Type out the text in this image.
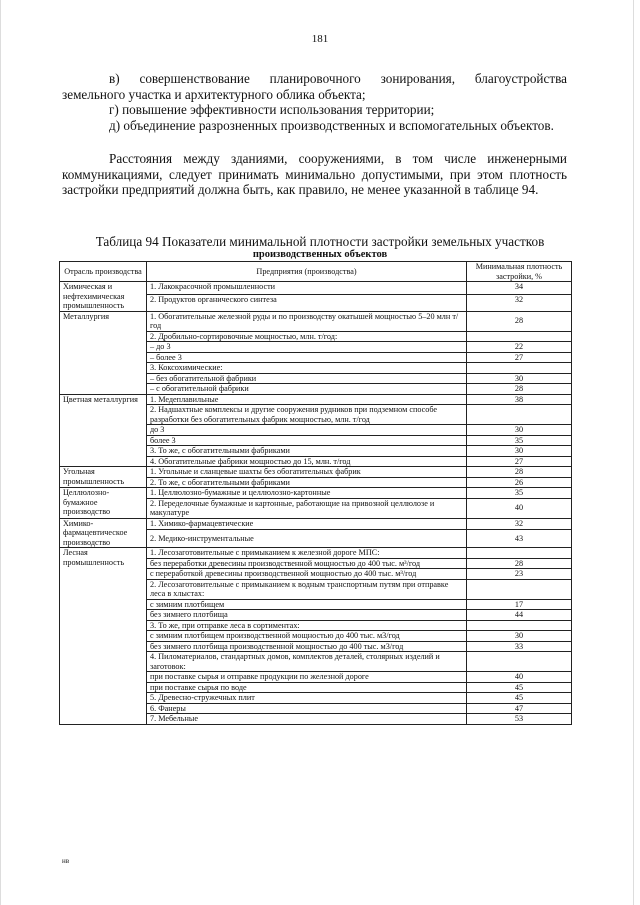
181

в) совершенствование планировочного зонирования, благоустройства земельного участка и архитектурного облика объекта;

г) повышение эффективности использования территории;

д) объединение разрозненных производственных и вспомогательных объектов.

Расстояния между зданиями, сооружениями, в том числе инженерными коммуникациями, следует принимать минимально допустимыми, при этом плотность застройки предприятий должна быть, как правило, не менее указанной в таблице 94.

Таблица 94 Показатели минимальной плотности застройки земельных участков
производственных объектов
Отрасль производства	Предприятия (производства)	Минимальная плотность застройки, %
Химическая и нефтехимическая промышленность	1. Лакокрасочной промышленности	34
	2. Продуктов органического синтеза	32
Металлургия	1. Обогатительные железной руды и по производству окатышей мощностью 5–20 млн т/год	28
	2. Дробильно-сортировочные мощностью, млн. т/год:	
	– до 3	22
	– более 3	27
	3. Коксохимические:	
	– без обогатительной фабрики	30
	– с обогатительной фабрики	28
Цветная металлургия	1. Медеплавильные	38
	2. Надшахтные комплексы и другие сооружения рудников при подземном способе разработки без обогатительных фабрик мощностью, млн. т/год	
	до 3	30
	более 3	35
	3. То же, с обогатительными фабриками	30
	4. Обогатительные фабрики мощностью до 15, млн. т/год	27
Угольная промышленность	1. Угольные и сланцевые шахты без обогатительных фабрик	28
	2. То же, с обогатительными фабриками	26
Целлюлозно-бумажное производство	1. Целлюлозно-бумажные и целлюлозно-картонные	35
	2. Переделочные бумажные и картонные, работающие на привозной целлюлозе и макулатуре	40
Химико-фармацевтическое производство	1. Химико-фармацевтические	32
	2. Медико-инструментальные	43
Лесная промышленность	1. Лесозаготовительные с примыканием к железной дороге МПС:	
	без переработки древесины производственной мощностью до 400 тыс. м³/год	28
	с переработкой древесины производственной мощностью до 400 тыс. м³/год	23
	2. Лесозаготовительные с примыканием к водным транспортным путям при отправке леса в хлыстах:	
	с зимним плотбищем	17
	без зимнего плотбища	44
	3. То же, при отправке леса в сортиментах:	
	с зимним плотбищем производственной мощностью до 400 тыс. м3/год	30
	без зимнего плотбища производственной мощностью до 400 тыс. м3/год	33
	4. Пиломатериалов, стандартных домов, комплектов деталей, столярных изделий и заготовок:	
	при поставке сырья и отправке продукции по железной дороге	40
	при поставке сырья по воде	45
	5. Древесно-стружечных плит	45
	6. Фанеры	47
	7. Мебельные	53
нв
